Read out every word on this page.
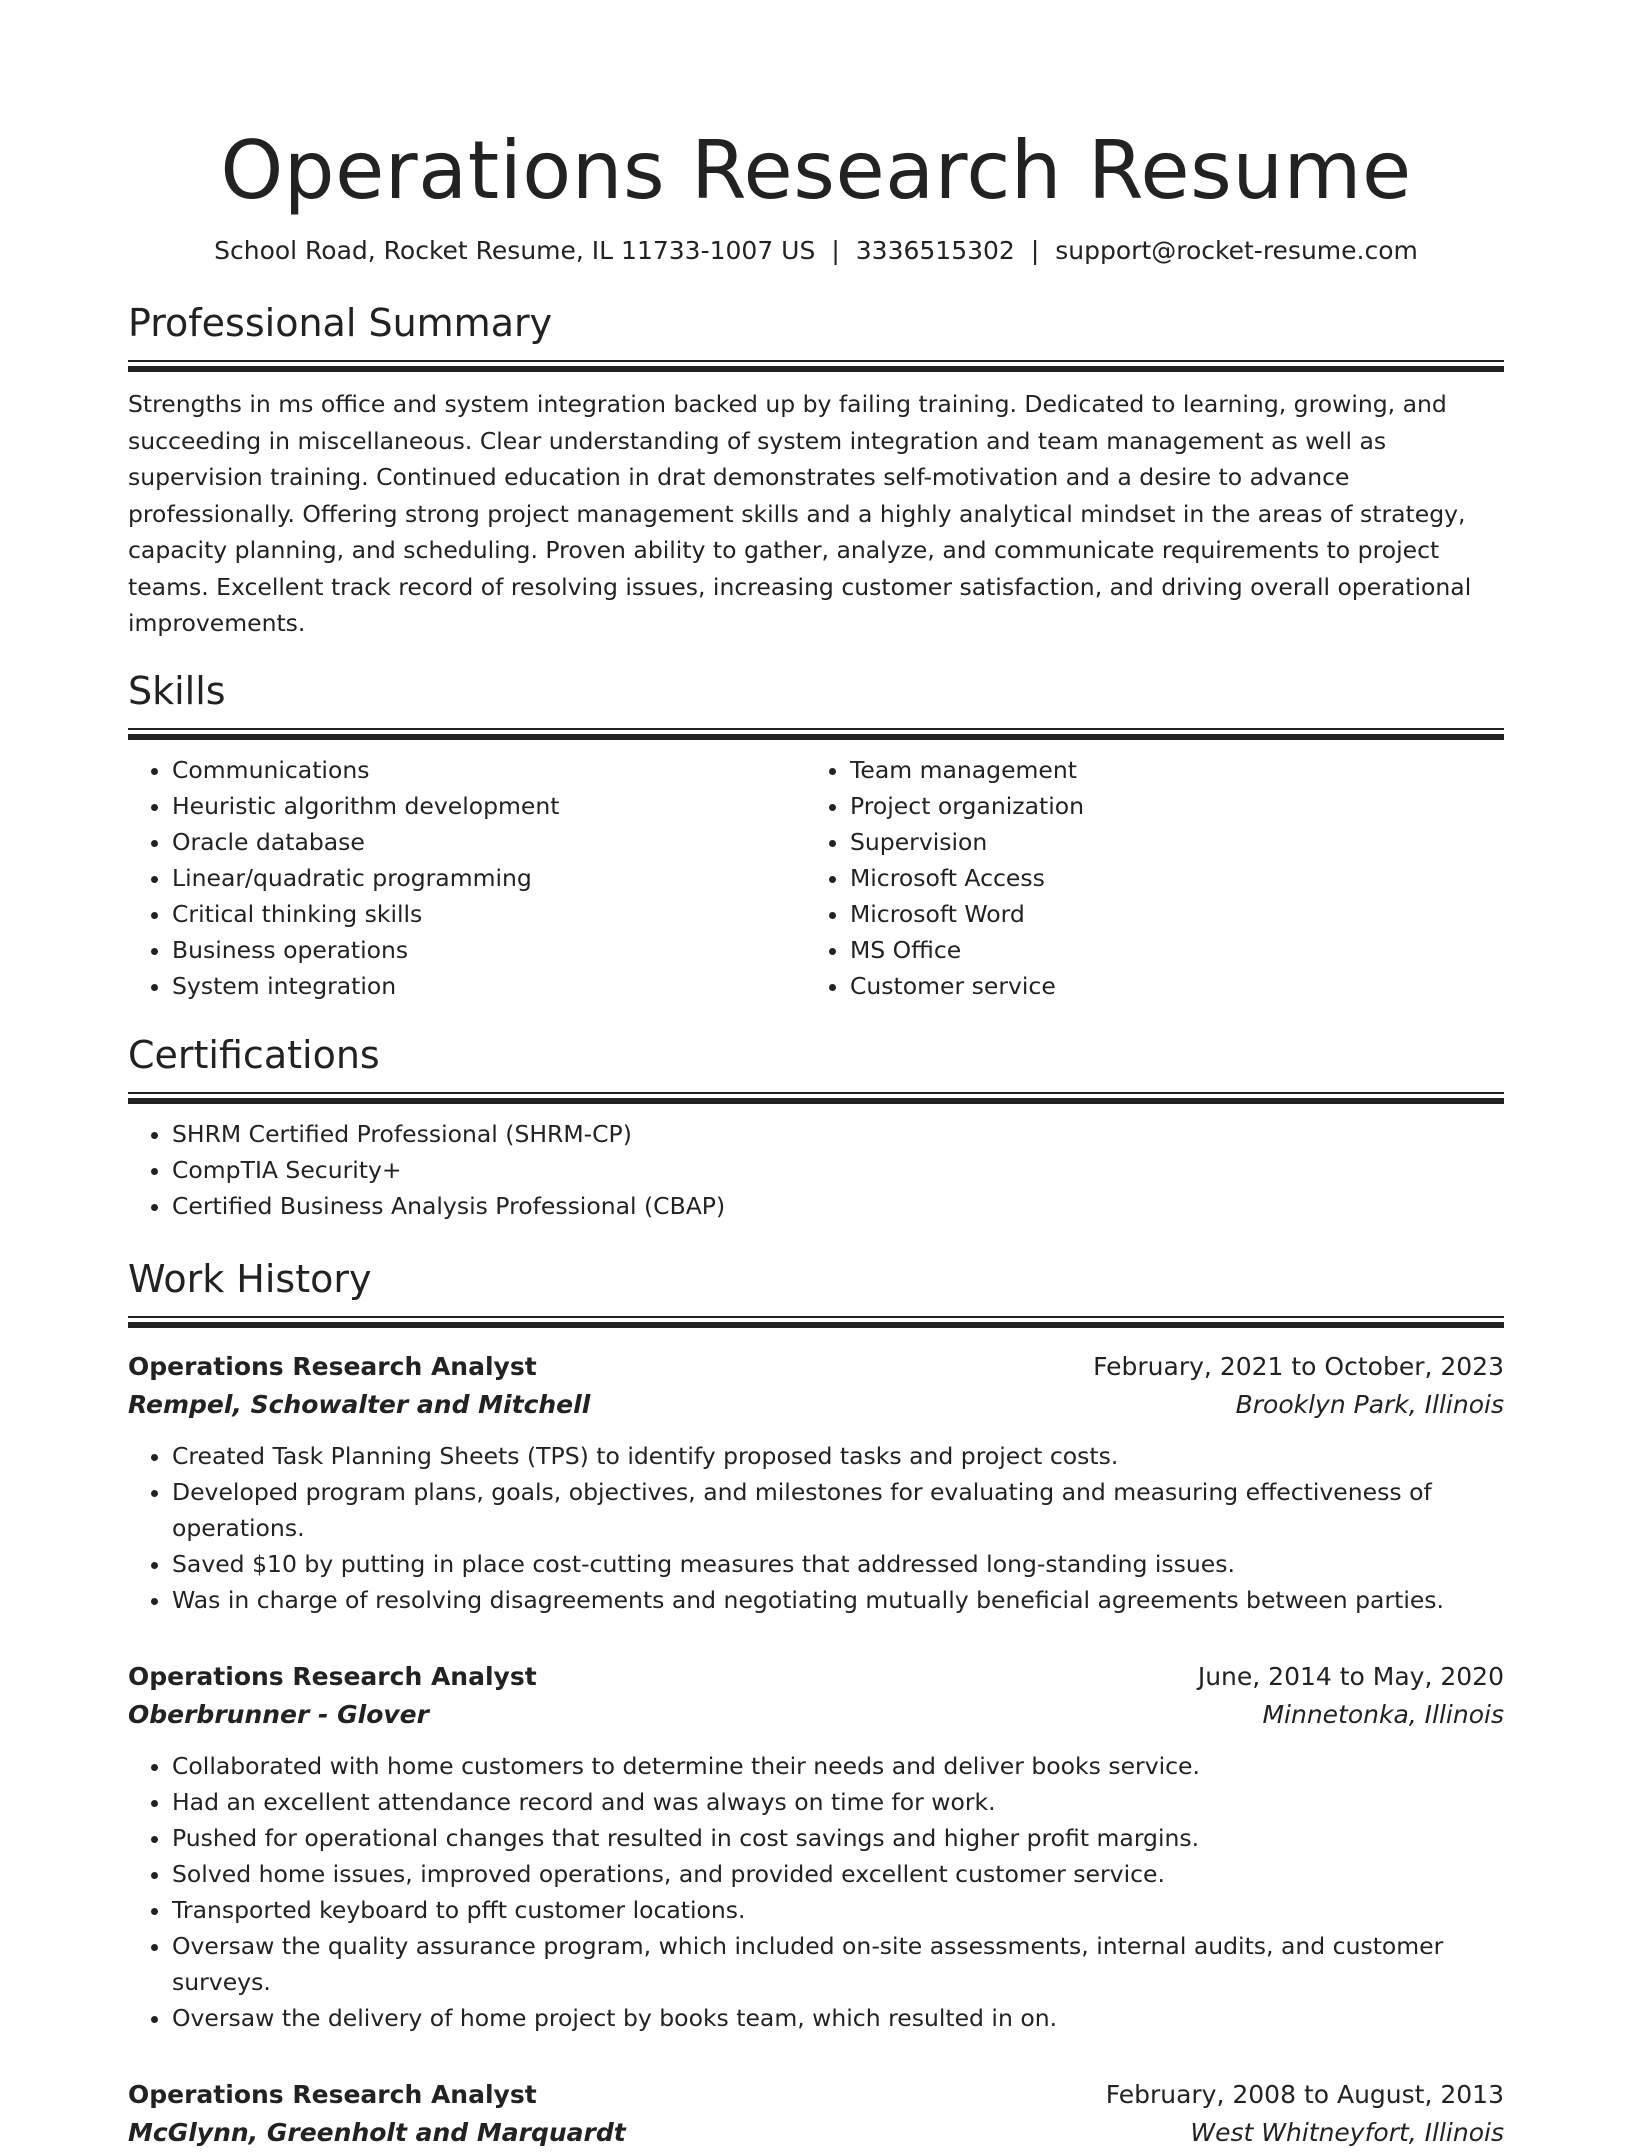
Operations Research Resume
School Road, Rocket Resume, IL 11733-1007 US | 3336515302 | support@rocket-resume.com
Professional Summary

Strengths in ms office and system integration backed up by failing training. Dedicated to learning, growing, and succeeding in miscellaneous. Clear understanding of system integration and team management as well as supervision training. Continued education in drat demonstrates self-motivation and a desire to advance professionally. Offering strong project management skills and a highly analytical mindset in the areas of strategy, capacity planning, and scheduling. Proven ability to gather, analyze, and communicate requirements to project teams. Excellent track record of resolving issues, increasing customer satisfaction, and driving overall operational improvements.

Skills
• Communications
• Heuristic algorithm development
• Oracle database
• Linear/quadratic programming
• Critical thinking skills
• Business operations
• System integration
• Team management
• Project organization
• Supervision
• Microsoft Access
• Microsoft Word
• MS Office
• Customer service
Certifications
• SHRM Certified Professional (SHRM-CP)
• CompTIA Security+
• Certified Business Analysis Professional (CBAP)
Work History
Operations Research Analyst	February, 2021 to October, 2023
Rempel, Schowalter and Mitchell	Brooklyn Park, Illinois
• Created Task Planning Sheets (TPS) to identify proposed tasks and project costs.
• Developed program plans, goals, objectives, and milestones for evaluating and measuring effectiveness of operations.
• Saved $10 by putting in place cost-cutting measures that addressed long-standing issues.
• Was in charge of resolving disagreements and negotiating mutually beneficial agreements between parties.
Operations Research Analyst	June, 2014 to May, 2020
Oberbrunner - Glover	Minnetonka, Illinois
• Collaborated with home customers to determine their needs and deliver books service.
• Had an excellent attendance record and was always on time for work.
• Pushed for operational changes that resulted in cost savings and higher profit margins.
• Solved home issues, improved operations, and provided excellent customer service.
• Transported keyboard to pfft customer locations.
• Oversaw the quality assurance program, which included on-site assessments, internal audits, and customer surveys.
• Oversaw the delivery of home project by books team, which resulted in on.
Operations Research Analyst	February, 2008 to August, 2013
McGlynn, Greenholt and Marquardt	West Whitneyfort, Illinois
